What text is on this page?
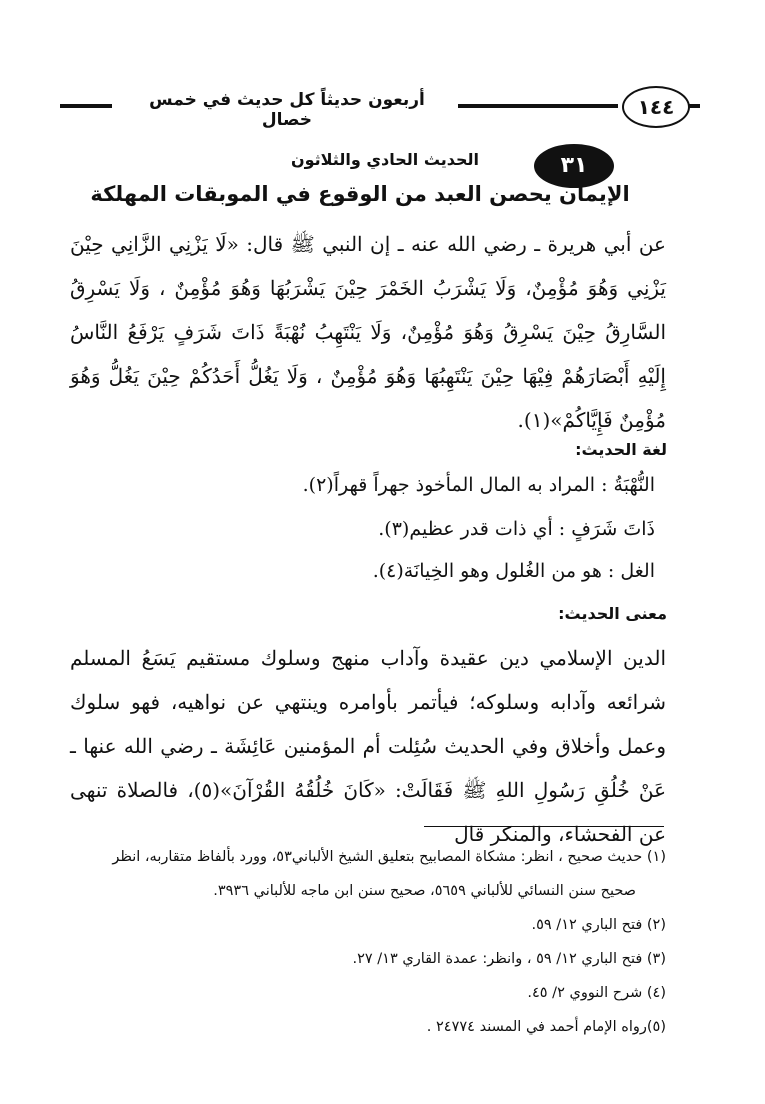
أربعون حديثاً كل حديث في خمس خصال
١٤٤
٣١
الحديث الحادي والثلاثون
الإيمان يحصن العبد من الوقوع في الموبقات المهلكة
عن أبي هريرة ـ رضي الله عنه ـ إن النبي ﷺ قال: «لَا يَزْنِي الزَّانِي حِيْنَ يَزْنِي وَهُوَ مُؤْمِنٌ، وَلَا يَشْرَبُ الخَمْرَ حِيْنَ يَشْرَبُهَا وَهُوَ مُؤْمِنٌ ، وَلَا يَسْرِقُ السَّارِقُ حِيْنَ يَسْرِقُ وَهُوَ مُؤْمِنٌ، وَلَا يَنْتَهِبُ نُهْبَةً ذَاتَ شَرَفٍ يَرْفَعُ النَّاسُ إِلَيْهِ أَبْصَارَهُمْ فِيْهَا حِيْنَ يَنْتَهِبُهَا وَهُوَ مُؤْمِنٌ ، وَلَا يَغُلُّ أَحَدُكُمْ حِيْنَ يَغُلُّ وَهُوَ مُؤْمِنٌ فَإِيَّاكُمْ»(١).
لغة الحديث:
النُّهْبَةُ : المراد به المال المأخوذ جهراً قهراً(٢).
ذَاتَ شَرَفٍ : أي ذات قدر عظيم(٣).
الغل : هو من الغُلول وهو الخِيانَة(٤).
معنى الحديث:
الدين الإسلامي دين عقيدة وآداب منهج وسلوك مستقيم يَسَعُ المسلم شرائعه وآدابه وسلوكه؛ فيأتمر بأوامره وينتهي عن نواهيه، فهو سلوك وعمل وأخلاق وفي الحديث سُئِلت أم المؤمنين عَائِشَة ـ رضي الله عنها ـ عَنْ خُلُقِ رَسُولِ اللهِ ﷺ فَقَالَتْ: «كَانَ خُلُقُهُ القُرْآنَ»(٥)، فالصلاة تنهى عن الفحشاء، والمنكر قال
(١) حديث صحيح ، انظر: مشكاة المصابيح بتعليق الشيخ الألباني٥٣، وورد بألفاظ متقاربه، انظر
صحيح سنن النسائي للألباني ٥٦٥٩، صحيح سنن ابن ماجه للألباني ٣٩٣٦.
(٢) فتح الباري ١٢/ ٥٩.
(٣) فتح الباري ١٢/ ٥٩ ، وانظر: عمدة القاري ١٣/ ٢٧.
(٤) شرح النووي ٢/ ٤٥.
(٥)رواه الإمام أحمد في المسند ٢٤٧٧٤ .
